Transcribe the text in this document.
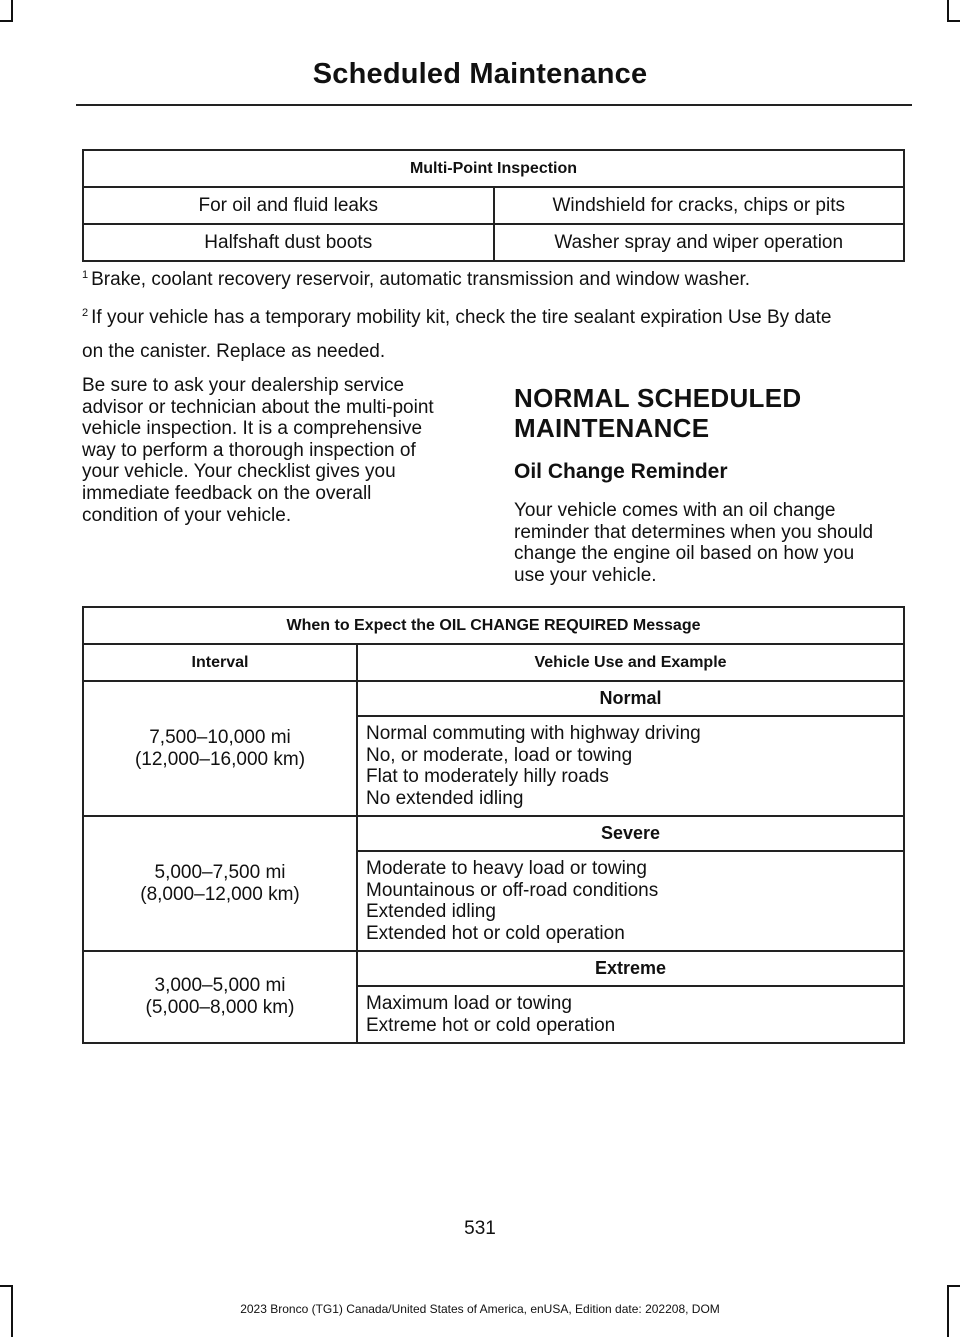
Scheduled Maintenance
Multi-Point Inspection	
For oil and fluid leaks	Windshield for cracks, chips or pits
Halfshaft dust boots	Washer spray and wiper operation
$^1$ Brake, coolant recovery reservoir, automatic transmission and window washer.
$^2$ If your vehicle has a temporary mobility kit, check the tire sealant expiration Use By date
on the canister. Replace as needed.
Be sure to ask your dealership service
advisor or technician about the multi-point
vehicle inspection. It is a comprehensive
way to perform a thorough inspection of
your vehicle. Your checklist gives you
immediate feedback on the overall
condition of your vehicle.
NORMAL SCHEDULED
MAINTENANCE
Oil Change Reminder
Your vehicle comes with an oil change
reminder that determines when you should
change the engine oil based on how you
use your vehicle.
When to Expect the OIL CHANGE REQUIRED Message	
Interval	Vehicle Use and Example

7,500–10,000 mi
(12,000–16,000 km)	Normal

	Normal commuting with highway driving
No, or moderate, load or towing
Flat to moderately hilly roads
No extended idling

5,000–7,500 mi
(8,000–12,000 km)	Severe

	Moderate to heavy load or towing
Mountainous or off-road conditions
Extended idling
Extended hot or cold operation

3,000–5,000 mi
(5,000–8,000 km)	Extreme

	Maximum load or towing
Extreme hot or cold operation
531
2023 Bronco (TG1) Canada/United States of America, enUSA, Edition date: 202208, DOM
